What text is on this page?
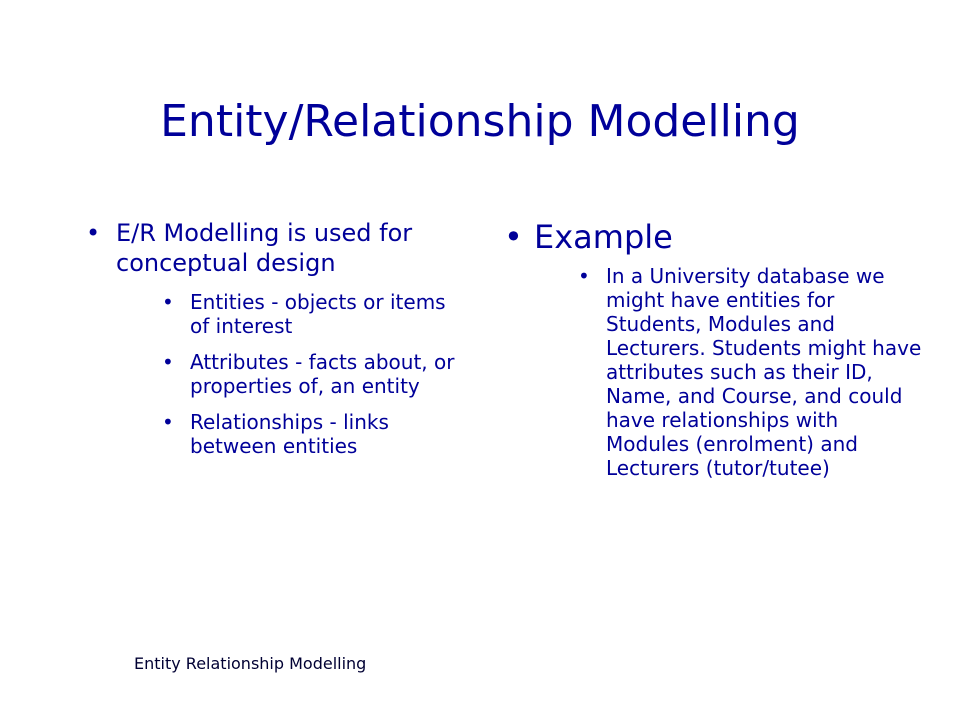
Entity/Relationship Modelling
• E/R Modelling is used for conceptual design
• Entities - objects or items of interest
• Attributes - facts about, or properties of, an entity
• Relationships - links between entities
• Example
• In a University database we might have entities for Students, Modules and Lecturers. Students might have attributes such as their ID, Name, and Course, and could have relationships with Modules (enrolment) and Lecturers (tutor/tutee)
Entity Relationship Modelling
